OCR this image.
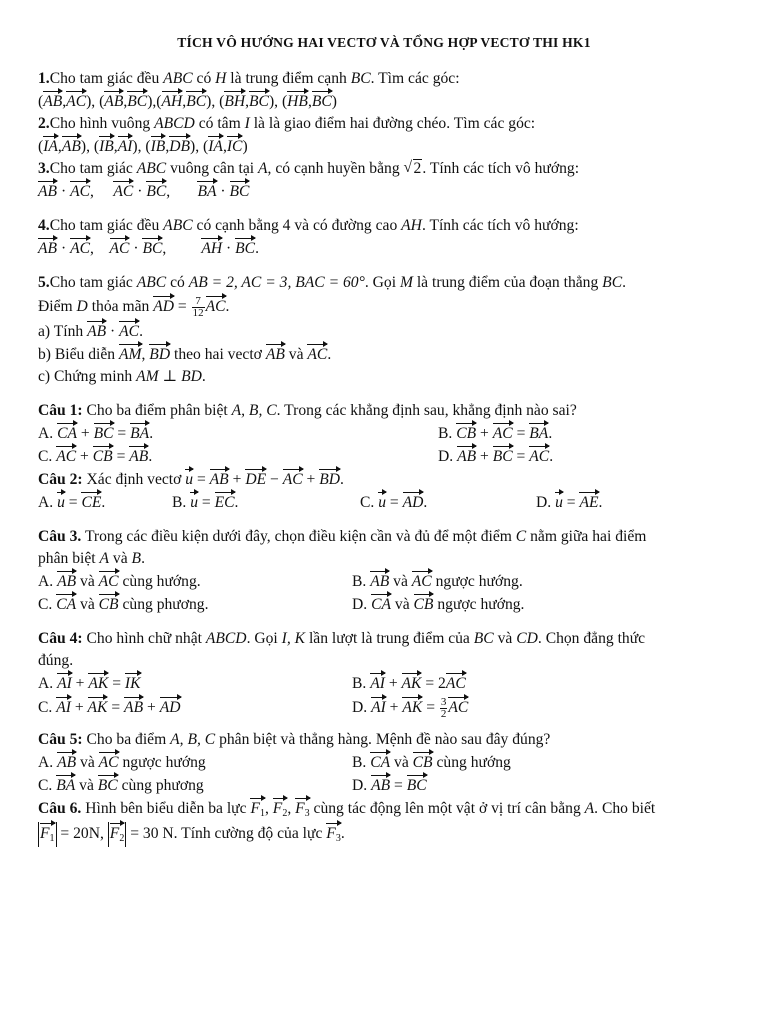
TÍCH VÔ HƯỚNG HAI VECTƠ VÀ TỔNG HỢP VECTƠ THI HK1
1.Cho tam giác đều ABC có H là trung điểm cạnh BC. Tìm các góc:
(AB,AC), (AB,BC),(AH,BC), (BH,BC), (HB,BC)
2.Cho hình vuông ABCD có tâm I là là giao điểm hai đường chéo. Tìm các góc:
(IA,AB), (IB,AI), (IB,DB), (IA,IC)
3.Cho tam giác ABC vuông cân tại A, có cạnh huyền bằng √ 2. Tính các tích vô hướng:
AB · AC,     AC · BC,       BA · BC
4.Cho tam giác đều ABC có cạnh bằng 4 và có đường cao AH. Tính các tích vô hướng:
AB · AC,    AC · BC,         AH · BC.
5.Cho tam giác ABC có AB = 2, AC = 3, BAC = 60°. Gọi M là trung điểm của đoạn thẳng BC.
Điểm D thỏa mãn AD = $\frac{7}{12}$ AC.
a) Tính AB · AC.
b) Biểu diễn AM, BD theo hai vectơ AB và AC.
c) Chứng minh AM ⊥ BD.
Câu 1: Cho ba điểm phân biệt A, B, C. Trong các khẳng định sau, khẳng định nào sai?
A. CA + BC = BA.	B. CB + AC = BA.
C. AC + CB = AB.	D. AB + BC = AC.
Câu 2: Xác định vectơ u = AB + DE − AC + BD.
A. u = CE.	B. u = EC.	C. u = AD.	D. u = AE.
Câu 3. Trong các điều kiện dưới đây, chọn điều kiện cần và đủ để một điểm C nằm giữa hai điểm
phân biệt A và B.
A. AB và AC cùng hướng.	B. AB và AC ngược hướng.
C. CA và CB cùng phương.	D. CA và CB ngược hướng.
Câu 4: Cho hình chữ nhật ABCD. Gọi I, K lần lượt là trung điểm của BC và CD. Chọn đẳng thức
đúng.
A. AI + AK = IK	B. AI + AK = 2AC
C. AI + AK = AB + AD	D. AI + AK = $\frac{3}{2}$ AC
Câu 5: Cho ba điểm A, B, C phân biệt và thẳng hàng. Mệnh đề nào sau đây đúng?
A. AB và AC ngược hướng	B. CA và CB cùng hướng
C. BA và BC cùng phương	D. AB = BC
Câu 6. Hình bên biểu diễn ba lực $F_1$, $F_2$, $F_3$ cùng tác động lên một vật ở vị trí cân bằng A. Cho biết
$F_1 = 20N$, $F_2 = 30$ N. Tính cường độ của lực $F_3$.
